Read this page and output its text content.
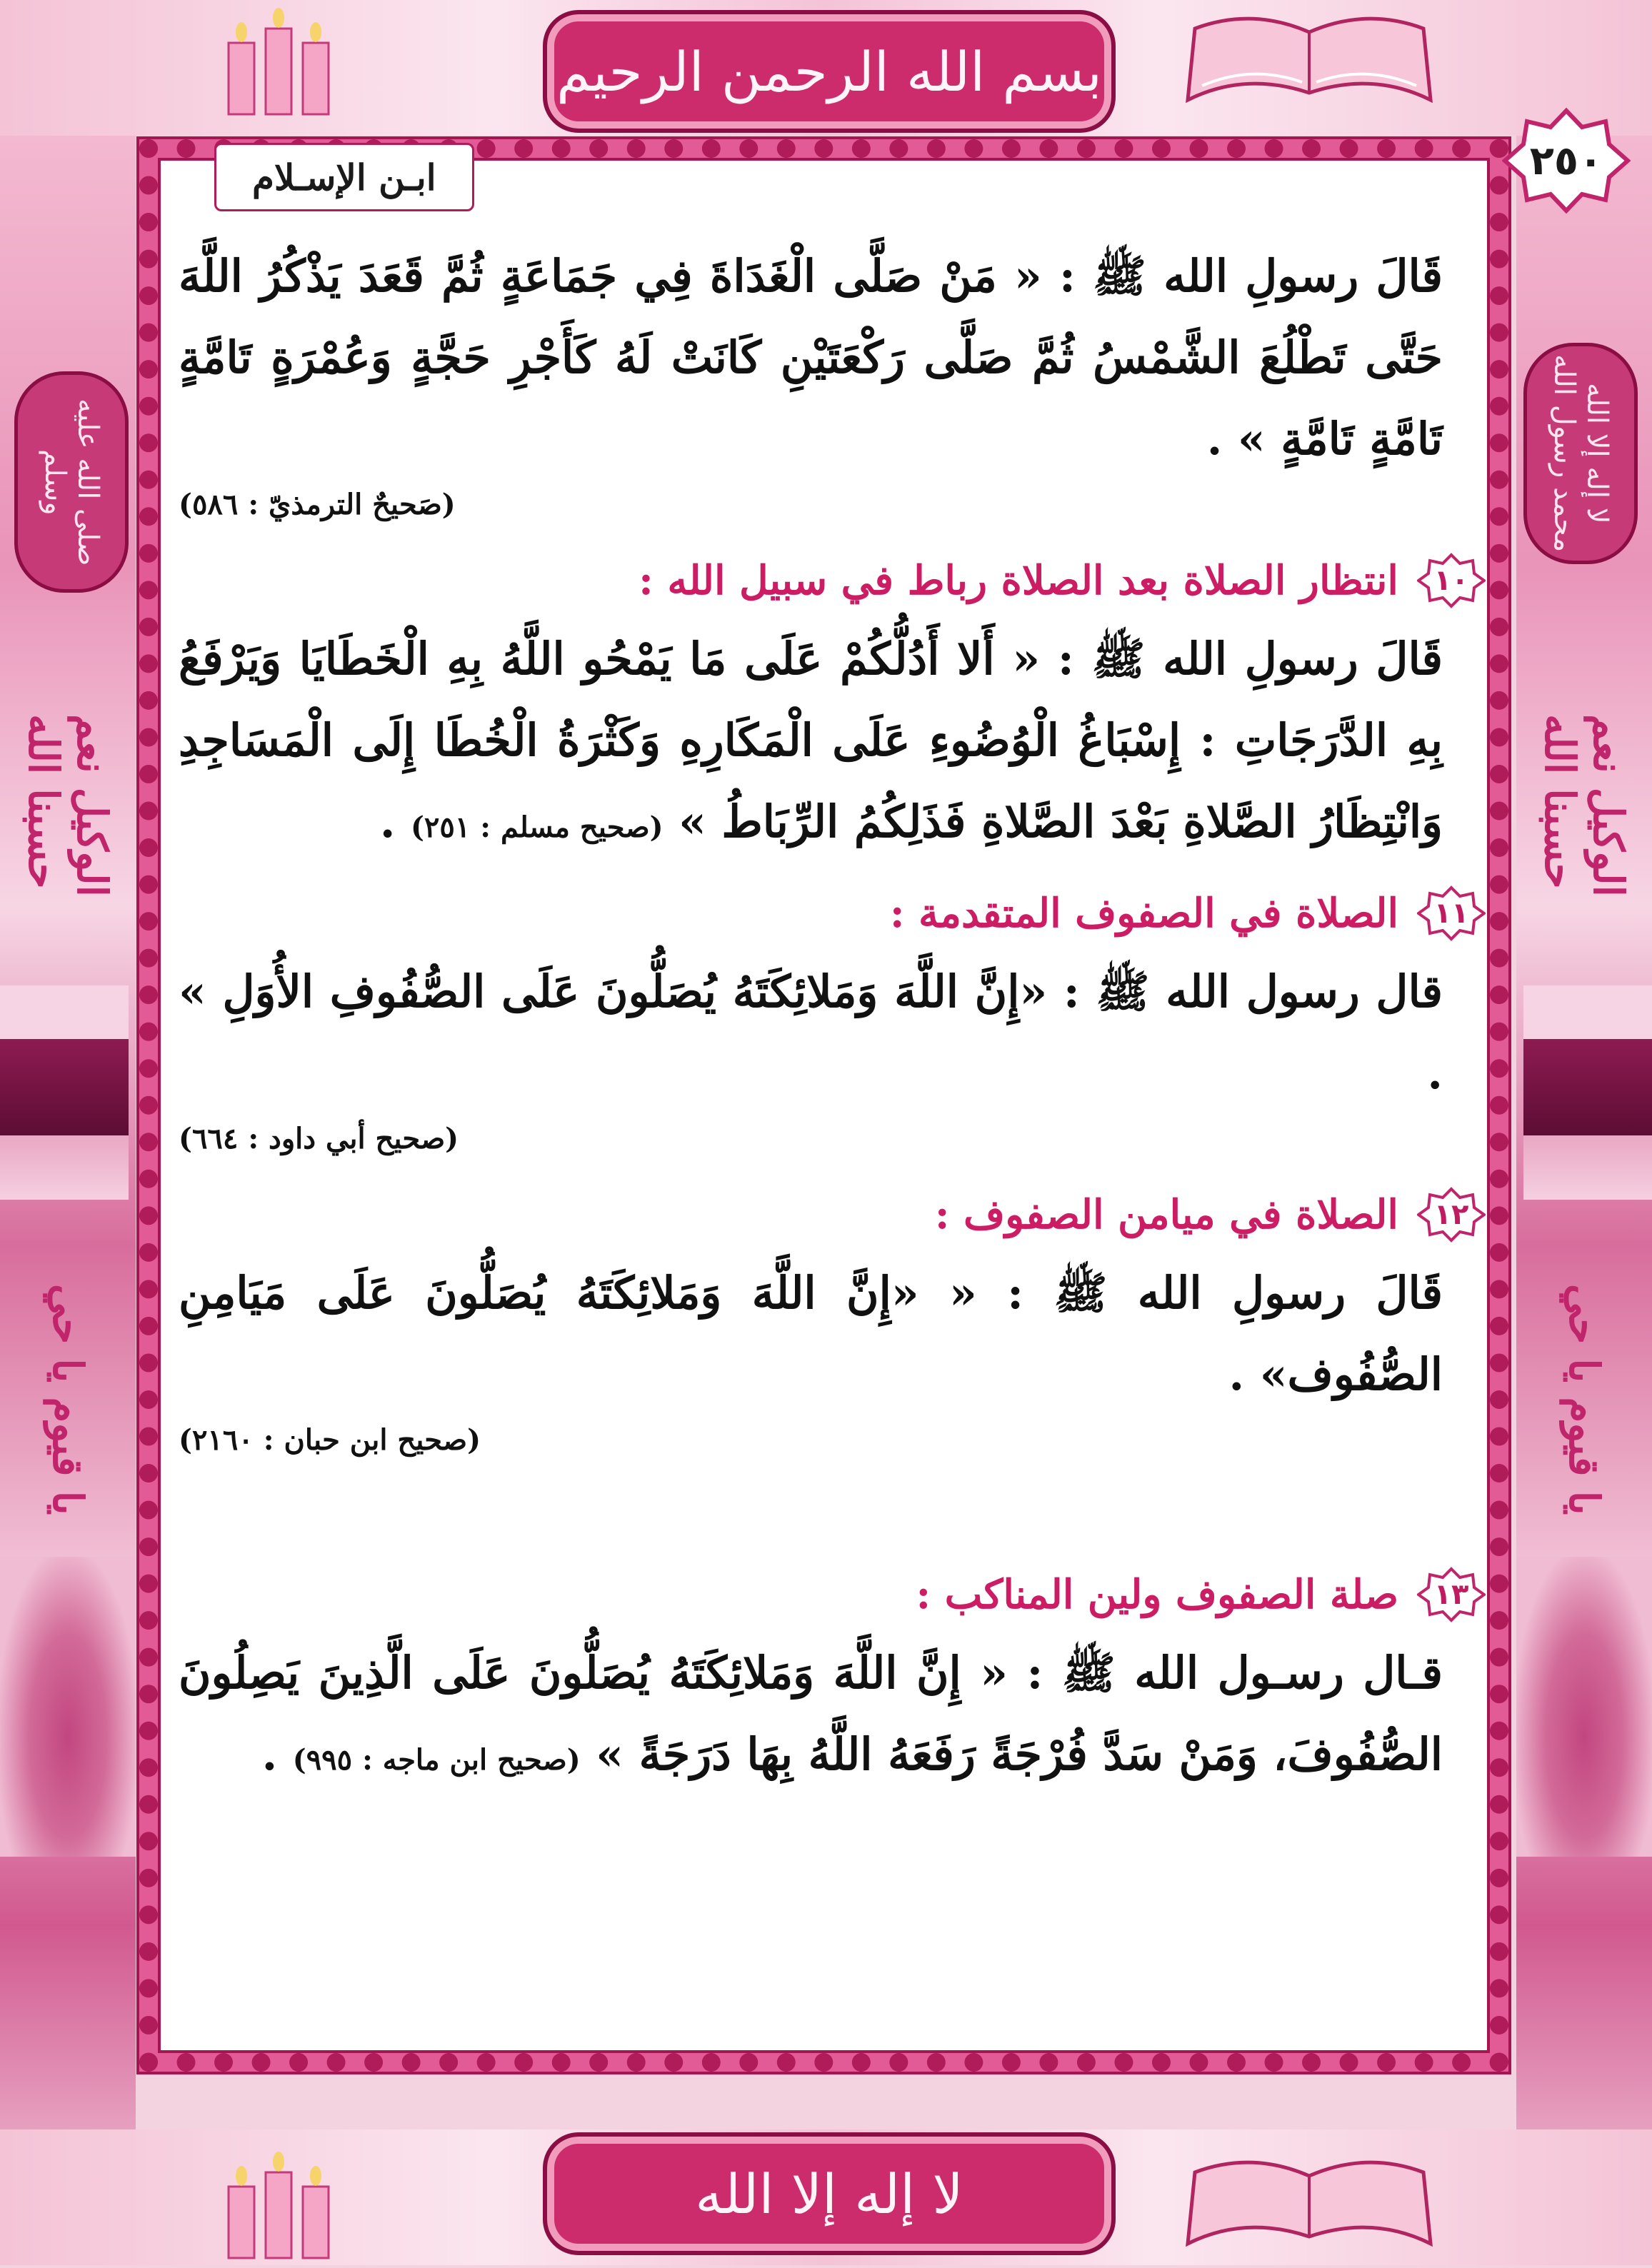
بسم الله الرحمن الرحيم
لا إله إلا الله
صلى الله عليه وسلم	لا إله إلا الله محمد رسول الله
الوكيل نعم حسبنا الله	الوكيل نعم حسبنا الله
يا قيوم يا حي	يا قيوم يا حي
٢٥٠
ابـن الإسـلام

قَالَ رسولِ الله ﷺ : « مَنْ صَلَّى الْغَدَاةَ فِي جَمَاعَةٍ ثُمَّ قَعَدَ يَذْكُرُ اللَّهَ حَتَّى تَطْلُعَ الشَّمْسُ ثُمَّ صَلَّى رَكْعَتَيْنِ كَانَتْ لَهُ كَأَجْرِ حَجَّةٍ وَعُمْرَةٍ تَامَّةٍ تَامَّةٍ تَامَّةٍ » .

(صَحيحٌ الترمذيّ : ٥٨٦)

١٠
انتظار الصلاة بعد الصلاة رباط في سبيل الله :

قَالَ رسولِ الله ﷺ : « أَلا أَدُلُّكُمْ عَلَى مَا يَمْحُو اللَّهُ بِهِ الْخَطَايَا وَيَرْفَعُ بِهِ الدَّرَجَاتِ : إِسْبَاغُ الْوُضُوءِ عَلَى الْمَكَارِهِ وَكَثْرَةُ الْخُطَا إِلَى الْمَسَاجِدِ وَانْتِظَارُ الصَّلاةِ بَعْدَ الصَّلاةِ فَذَلِكُمُ الرِّبَاطُ » (صحيح مسلم : ٢٥١) .

١١
الصلاة في الصفوف المتقدمة :

قال رسول الله ﷺ : «إِنَّ اللَّهَ وَمَلائِكَتَهُ يُصَلُّونَ عَلَى الصُّفُوفِ الأُوَلِ » .

(صحيح أبي داود : ٦٦٤)

١٢
الصلاة في ميامن الصفوف :

قَالَ رسولِ الله ﷺ : « «إِنَّ اللَّهَ وَمَلائِكَتَهُ يُصَلُّونَ عَلَى مَيَامِنِ الصُّفُوف» .

(صحيح ابن حبان : ٢١٦٠)

١٣
صلة الصفوف ولين المناكب :

قـال رسـول الله ﷺ : « إِنَّ اللَّهَ وَمَلائِكَتَهُ يُصَلُّونَ عَلَى الَّذِينَ يَصِلُونَ الصُّفُوفَ، وَمَنْ سَدَّ فُرْجَةً رَفَعَهُ اللَّهُ بِهَا دَرَجَةً » (صحيح ابن ماجه : ٩٩٥) .
